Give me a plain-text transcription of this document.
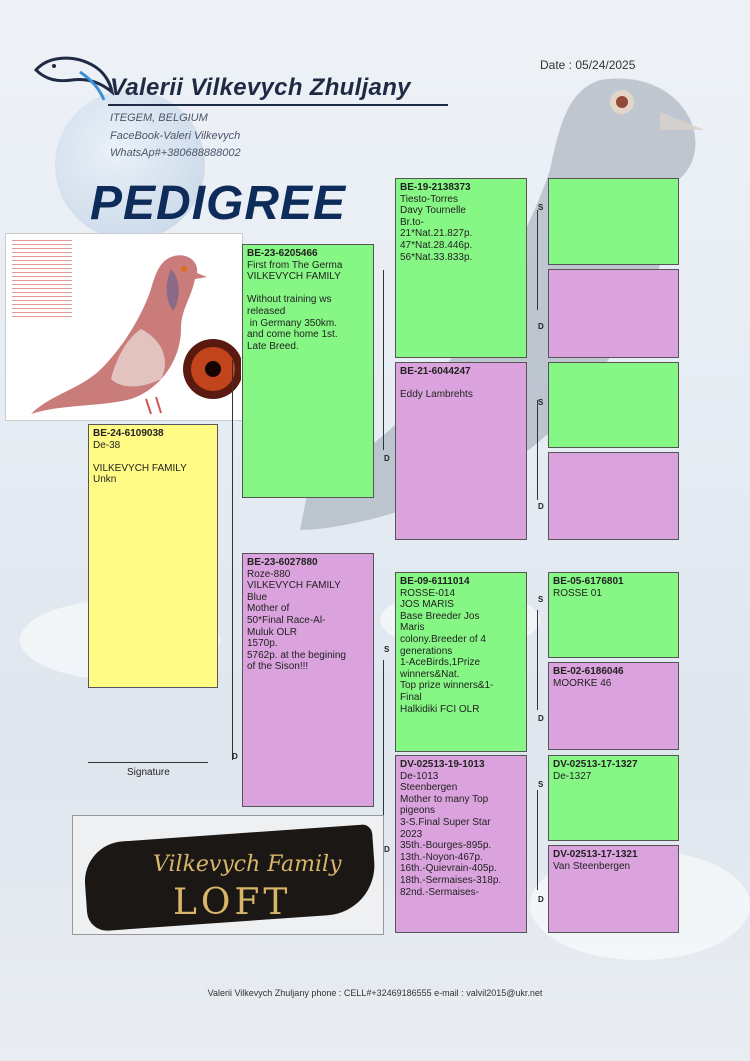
Valerii Vilkevych Zhuljany
ITEGEM, BELGIUM
FaceBook-Valeri Vilkevych
WhatsAp#+380688888002
Date : 05/24/2025
PEDIGREE
S
D
D
D
S
D
S
D
S
D
S
D
BE-24-6109038
De-38

VILKEVYCH FAMILY
Unkn
BE-23-6205466
First from The Germa
VILKEVYCH FAMILY

Without training ws
released
in Germany 350km.
and come home 1st.
Late Breed.
BE-23-6027880
Roze-880
VILKEVYCH FAMILY
Blue
Mother of
50*Final Race-Al-
Muluk OLR
1570p.
5762p. at the begining
of the Sison!!!
BE-19-2138373
Tiesto-Torres
Davy Tournelle
Br.to-
21*Nat.21.827p.
47*Nat.28.446p.
56*Nat.33.833p.
BE-21-6044247

Eddy Lambrehts
BE-09-6111014
ROSSE-014
JOS MARIS
Base Breeder Jos
Maris
colony.Breeder of 4
generations
1-AceBirds,1Prize
winners&Nat.
Top prize winners&1-
Final
Halkidiki FCI OLR
DV-02513-19-1013
De-1013
Steenbergen
Mother to many Top
pigeons
3-S.Final Super Star
2023
35th.-Bourges-895p.
13th.-Noyon-467p.
16th.-Quievrain-405p.
18th.-Sermaises-318p.
82nd.-Sermaises-
BE-05-6176801
ROSSE 01
BE-02-6186046
MOORKE 46
DV-02513-17-1327
De-1327
DV-02513-17-1321
Van Steenbergen
Signature
Vilkevych Family
LOFT
Valerii Vilkevych Zhuljany phone : CELL#+32469186555 e-mail : valvil2015@ukr.net
